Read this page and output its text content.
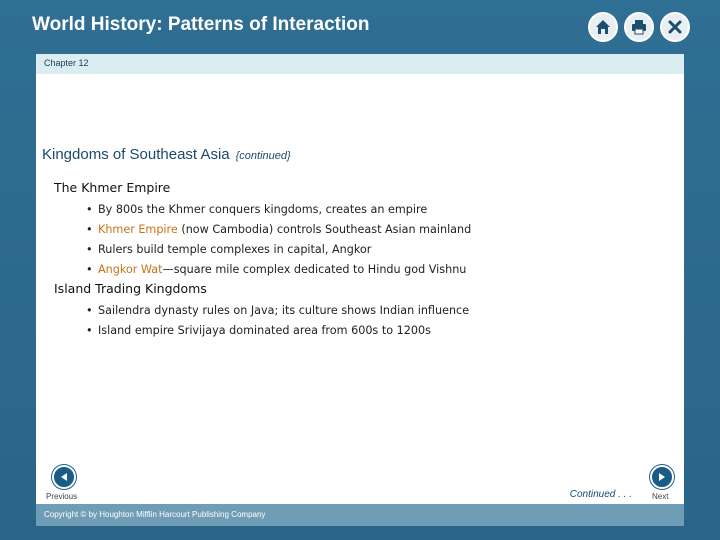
World History: Patterns of Interaction
Chapter 12
Kingdoms of Southeast Asia {continued}
The Khmer Empire
• By 800s the Khmer conquers kingdoms, creates an empire
• Khmer Empire (now Cambodia) controls Southeast Asian mainland
• Rulers build temple complexes in capital, Angkor
• Angkor Wat—square mile complex dedicated to Hindu god Vishnu
Island Trading Kingdoms
• Sailendra dynasty rules on Java; its culture shows Indian influence
• Island empire Srivijaya dominated area from 600s to 1200s
Previous	Continued . . .	Next
Copyright © by Houghton Mifflin Harcourt Publishing Company
